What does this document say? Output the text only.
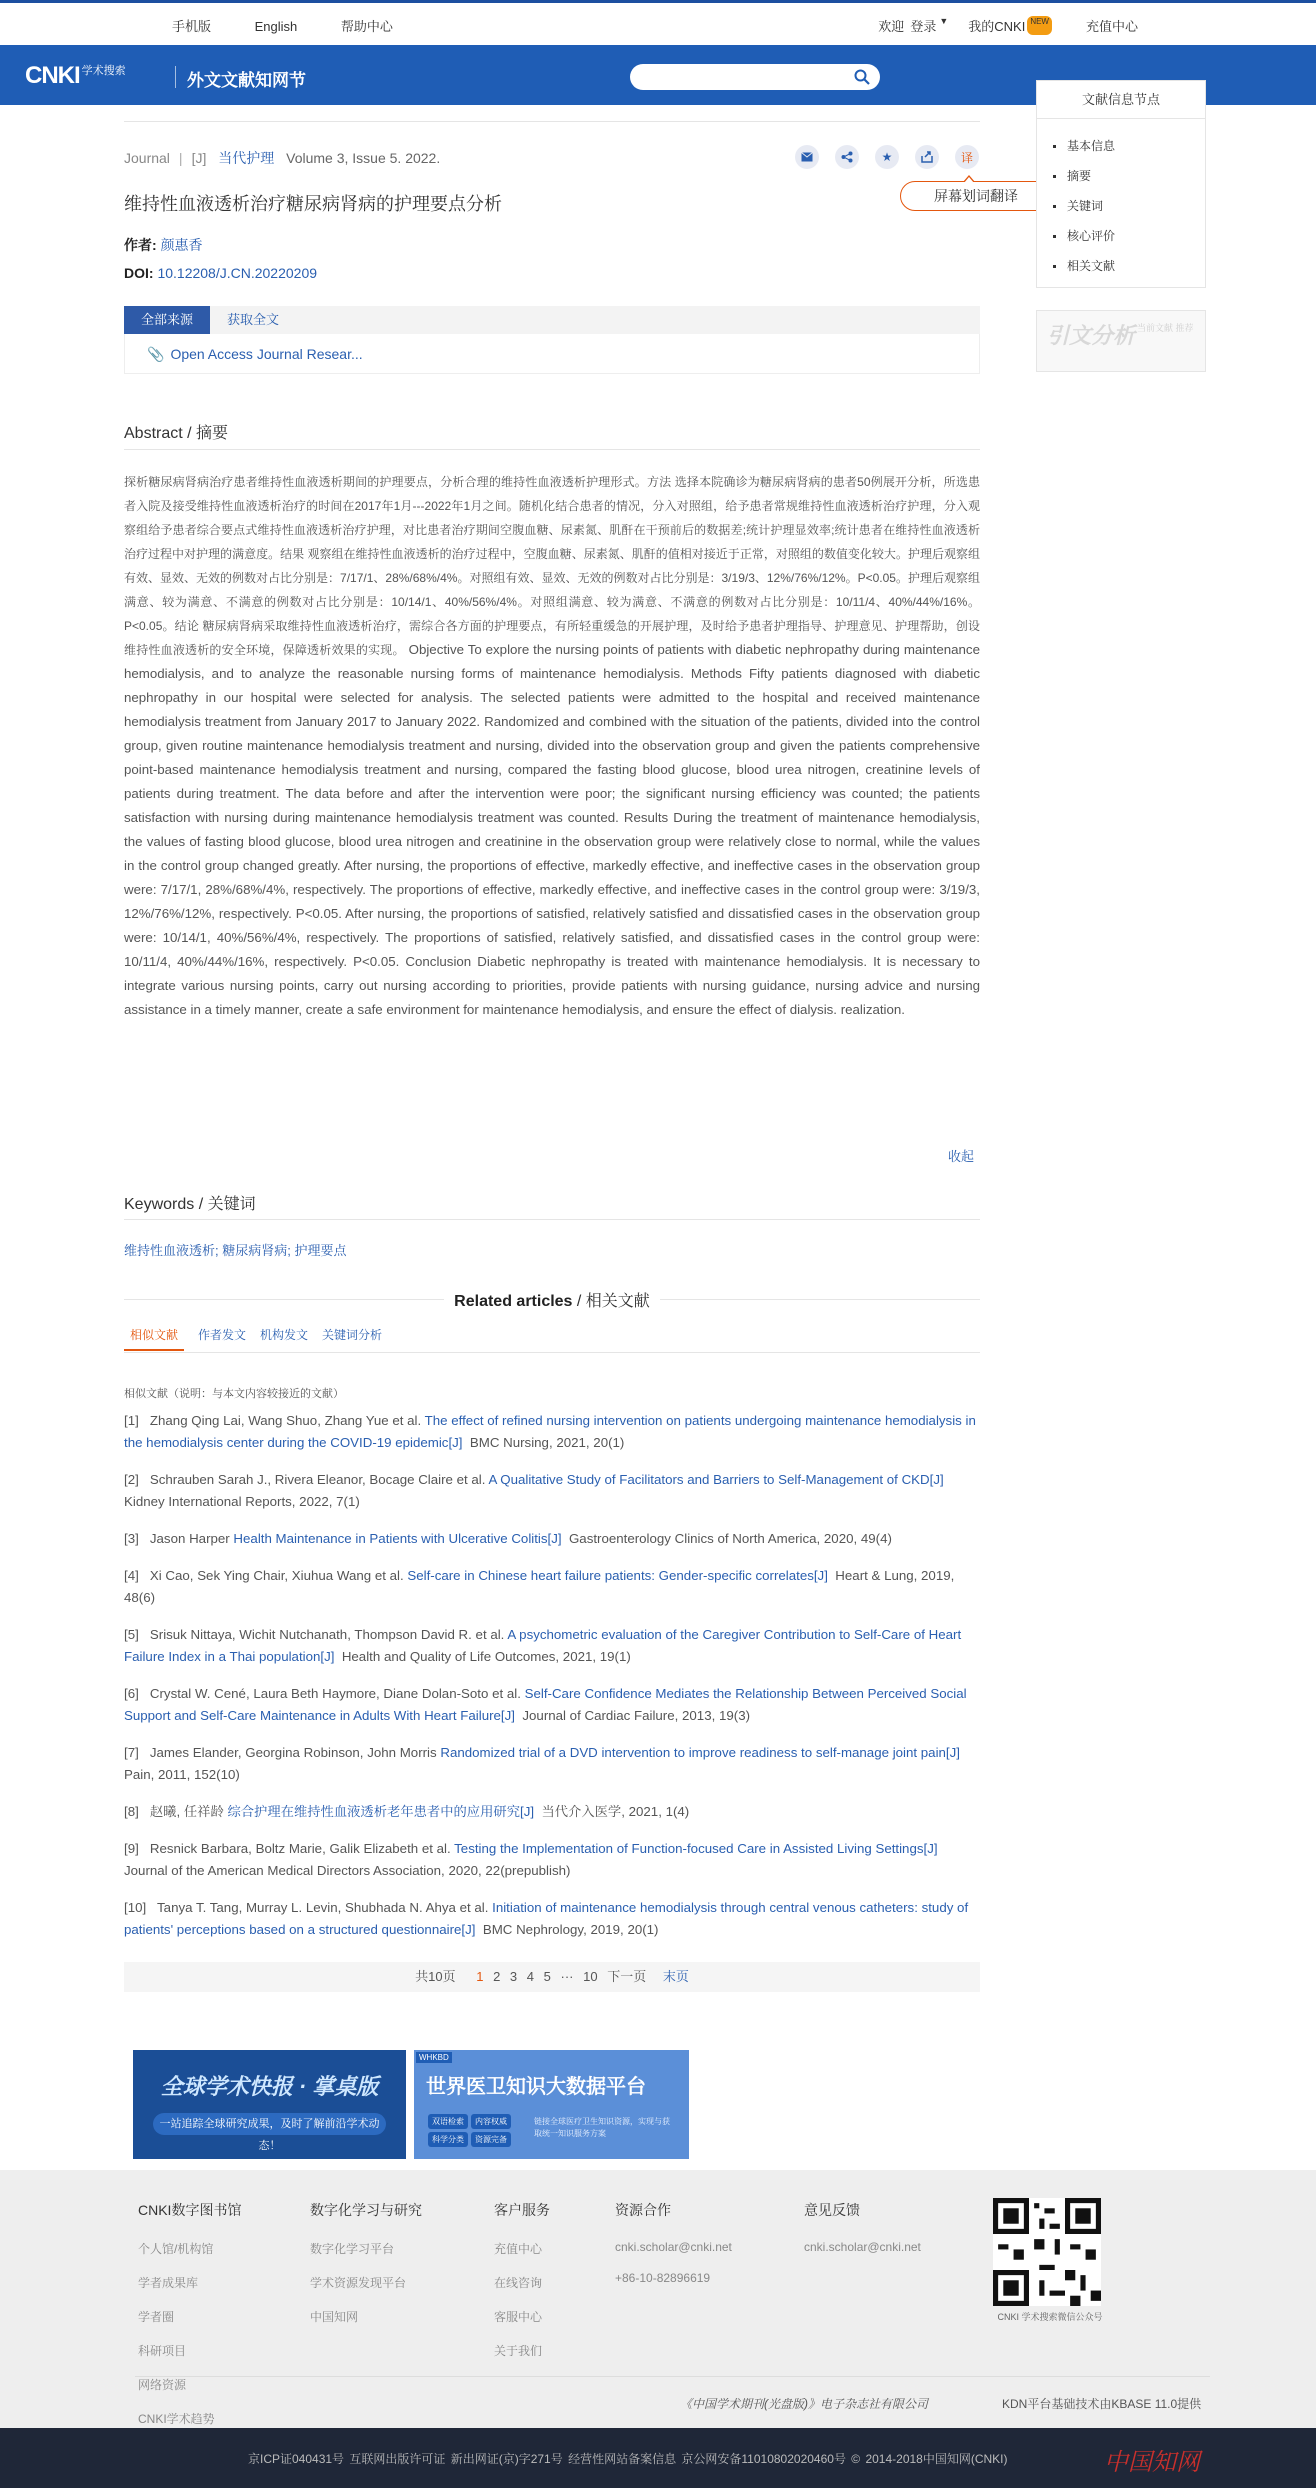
手机版	English	帮助中心	欢迎 登录 ▼ 我的CNKI NEW	充值中心
CNKI $^{学术搜索}$	外文文献知网节
Journal | [J] 当代护理 Volume 3, Issue 5. 2022.	★	译
屏幕划词翻译
维持性血液透析治疗糖尿病肾病的护理要点分析
作者: 颜惠香
DOI: 10.12208/J.CN.20220209
全部来源	获取全文
📎 Open Access Journal Resear...
Abstract / 摘要
探析糖尿病肾病治疗患者维持性血液透析期间的护理要点，分析合理的维持性血液透析护理形式。方法 选择本院确诊为糖尿病肾病的患者50例展开分析，所选患者入院及接受维持性血液透析治疗的时间在2017年1月---2022年1月之间。随机化结合患者的情况，分入对照组，给予患者常规维持性血液透析治疗护理，分入观察组给予患者综合要点式维持性血液透析治疗护理，对比患者治疗期间空腹血糖、尿素氮、肌酐在干预前后的数据差;统计护理显效率;统计患者在维持性血液透析治疗过程中对护理的满意度。结果 观察组在维持性血液透析的治疗过程中，空腹血糖、尿素氮、肌酐的值相对接近于正常，对照组的数值变化较大。护理后观察组有效、显效、无效的例数对占比分别是：7/17/1、28%/68%/4%。对照组有效、显效、无效的例数对占比分别是：3/19/3、12%/76%/12%。P<0.05。护理后观察组满意、较为满意、不满意的例数对占比分别是：10/14/1、40%/56%/4%。对照组满意、较为满意、不满意的例数对占比分别是：10/11/4、40%/44%/16%。P<0.05。结论 糖尿病肾病采取维持性血液透析治疗，需综合各方面的护理要点，有所轻重缓急的开展护理，及时给予患者护理指导、护理意见、护理帮助，创设维持性血液透析的安全环境，保障透析效果的实现。 Objective To explore the nursing points of patients with diabetic nephropathy during maintenance hemodialysis, and to analyze the reasonable nursing forms of maintenance hemodialysis. Methods Fifty patients diagnosed with diabetic nephropathy in our hospital were selected for analysis. The selected patients were admitted to the hospital and received maintenance hemodialysis treatment from January 2017 to January 2022. Randomized and combined with the situation of the patients, divided into the control group, given routine maintenance hemodialysis treatment and nursing, divided into the observation group and given the patients comprehensive point-based maintenance hemodialysis treatment and nursing, compared the fasting blood glucose, blood urea nitrogen, creatinine levels of patients during treatment. The data before and after the intervention were poor; the significant nursing efficiency was counted; the patients satisfaction with nursing during maintenance hemodialysis treatment was counted. Results During the treatment of maintenance hemodialysis, the values of fasting blood glucose, blood urea nitrogen and creatinine in the observation group were relatively close to normal, while the values in the control group changed greatly. After nursing, the proportions of effective, markedly effective, and ineffective cases in the observation group were: 7/17/1, 28%/68%/4%, respectively. The proportions of effective, markedly effective, and ineffective cases in the control group were: 3/19/3, 12%/76%/12%, respectively. P<0.05. After nursing, the proportions of satisfied, relatively satisfied and dissatisfied cases in the observation group were: 10/14/1, 40%/56%/4%, respectively. The proportions of satisfied, relatively satisfied, and dissatisfied cases in the control group were: 10/11/4, 40%/44%/16%, respectively. P<0.05. Conclusion Diabetic nephropathy is treated with maintenance hemodialysis. It is necessary to integrate various nursing points, carry out nursing according to priorities, provide patients with nursing guidance, nursing advice and nursing assistance in a timely manner, create a safe environment for maintenance hemodialysis, and ensure the effect of dialysis. realization.
收起
Keywords / 关键词
维持性血液透析; 糖尿病肾病; 护理要点
Related articles / 相关文献
相似文献	作者发文 机构发文 关键词分析
相似文献（说明：与本文内容较接近的文献）
[1] Zhang Qing Lai, Wang Shuo, Zhang Yue et al. The effect of refined nursing intervention on patients undergoing maintenance hemodialysis in the hemodialysis center during the COVID-19 epidemic[J] BMC Nursing, 2021, 20(1)
[2] Schrauben Sarah J., Rivera Eleanor, Bocage Claire et al. A Qualitative Study of Facilitators and Barriers to Self-Management of CKD[J]  Kidney International Reports, 2022, 7(1)
[3] Jason Harper Health Maintenance in Patients with Ulcerative Colitis[J] Gastroenterology Clinics of North America, 2020, 49(4)
[4] Xi Cao, Sek Ying Chair, Xiuhua Wang et al. Self-care in Chinese heart failure patients: Gender-specific correlates[J] Heart & Lung, 2019, 48(6)
[5] Srisuk Nittaya, Wichit Nutchanath, Thompson David R. et al. A psychometric evaluation of the Caregiver Contribution to Self-Care of Heart Failure Index in a Thai population[J] Health and Quality of Life Outcomes, 2021, 19(1)
[6] Crystal W. Cené, Laura Beth Haymore, Diane Dolan-Soto et al. Self-Care Confidence Mediates the Relationship Between Perceived Social Support and Self-Care Maintenance in Adults With Heart Failure[J] Journal of Cardiac Failure, 2013, 19(3)
[7] James Elander, Georgina Robinson, John Morris Randomized trial of a DVD intervention to improve readiness to self-manage joint pain[J]  Pain, 2011, 152(10)
[8] 赵曦, 任祥龄 综合护理在维持性血液透析老年患者中的应用研究[J] 当代介入医学, 2021, 1(4)
[9] Resnick Barbara, Boltz Marie, Galik Elizabeth et al. Testing the Implementation of Function-focused Care in Assisted Living Settings[J]  Journal of the American Medical Directors Association, 2020, 22(prepublish)
[10] Tanya T. Tang, Murray L. Levin, Shubhada N. Ahya et al. Initiation of maintenance hemodialysis through central venous catheters: study of patients' perceptions based on a structured questionnaire[J] BMC Nephrology, 2019, 20(1)
共10页 1 2 3 4 5 ··· 10 下一页 末页
全球学术快报 · 掌桌版
一站追踪全球研究成果，及时了解前沿学术动态！
WHKBD
世界医卫知识大数据平台
双语检索	内容权威
科学分类	资源完备
链接全球医疗卫生知识资源，实现与获取统一知识服务方案
文献信息节点
基本信息
摘要
关键词
核心评价
相关文献
引文分析 当前文献 推荐
CNKI数字图书馆
个人馆/机构馆
学者成果库
学者圈
科研项目
网络资源
CNKI学术趋势
数字化学习与研究
数字化学习平台
学术资源发现平台
中国知网
客户服务
充值中心
在线咨询
客服中心
关于我们
资源合作
cnki.scholar@cnki.net
+86-10-82896619
意见反馈
cnki.scholar@cnki.net
CNKI 学术搜索微信公众号
《中国学术期刊(光盘版)》电子杂志社有限公司	KDN平台基础技术由KBASE 11.0提供
京ICP证040431号 互联网出版许可证 新出网证(京)字271号 经营性网站备案信息 京公网安备11010802020460号 © 2014-2018中国知网(CNKI)	中国知网
